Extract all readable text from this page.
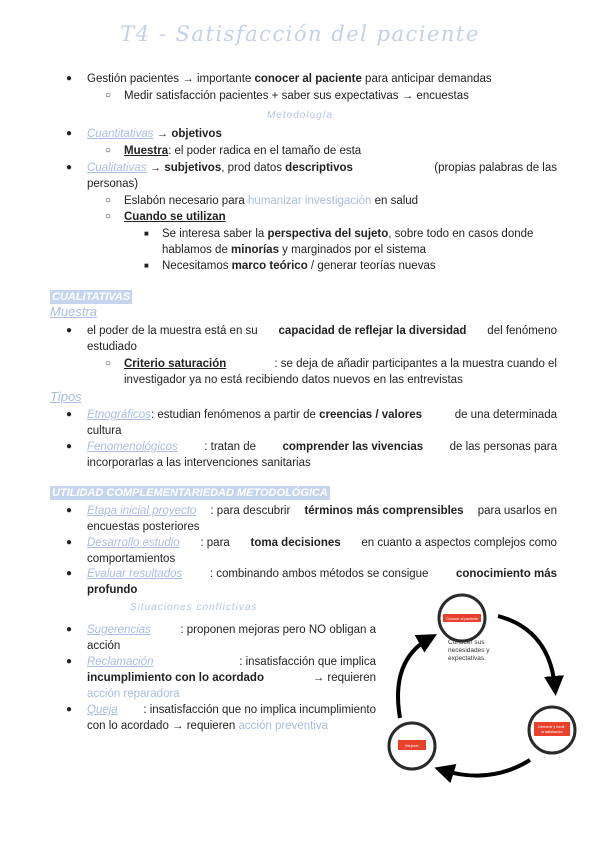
T4 - Satisfacción del paciente
● Gestión pacientes → importante conocer al paciente para anticipar demandas
○ Medir satisfacción pacientes + saber sus expectativas → encuestas
Metodología
● Cuantitativas → objetivos
○ Muestra: el poder radica en el tamaño de esta
● Cualitativas → subjetivos, prod datos descriptivos	(propias palabras de las
personas)
○ Eslabón necesario para humanizar investigación en salud
○ Cuando se utilizan
■ Se interesa saber la perspectiva del sujeto, sobre todo en casos donde
hablamos de minorías y marginados por el sistema
■ Necesitamos marco teórico / generar teorías nuevas
CUALITATIVAS
Muestra
● el poder de la muestra está en su capacidad de reflejar la diversidad del fenómeno
estudiado
○ Criterio saturación	: se deja de añadir participantes a la muestra cuando el
investigador ya no está recibiendo datos nuevos en las entrevistas
Tipos
● Etnográficos: estudian fenómenos a partir de creencias / valores	de una determinada
cultura
● Fenomenológicos : tratan de comprender las vivencias de las personas para
incorporarlas a las intervenciones sanitarias
UTILIDAD COMPLEMENTARIEDAD METODOLÓGICA
● Etapa inicial proyecto : para descubrir términos más comprensibles para usarlos en
encuestas posteriores
● Desarrollo estudio : para toma decisiones en cuanto a aspectos complejos como
comportamientos
● Evaluar resultados : combinando ambos métodos se consigue conocimiento más
profundo
Situaciones conflictivas
● Sugerencias	: proponen mejoras pero NO obligan a
acción
● Reclamación	: insatisfacción que implica
incumplimiento con lo acordado	→ requieren
acción reparadora
● Queja : insatisfacción que no implica incumplimiento
con lo acordado → requieren acción preventiva
Conocer al paciente
Conocer sus necesidades y expectativas.
Intervenir y medir la satisfacción
Mejorar
